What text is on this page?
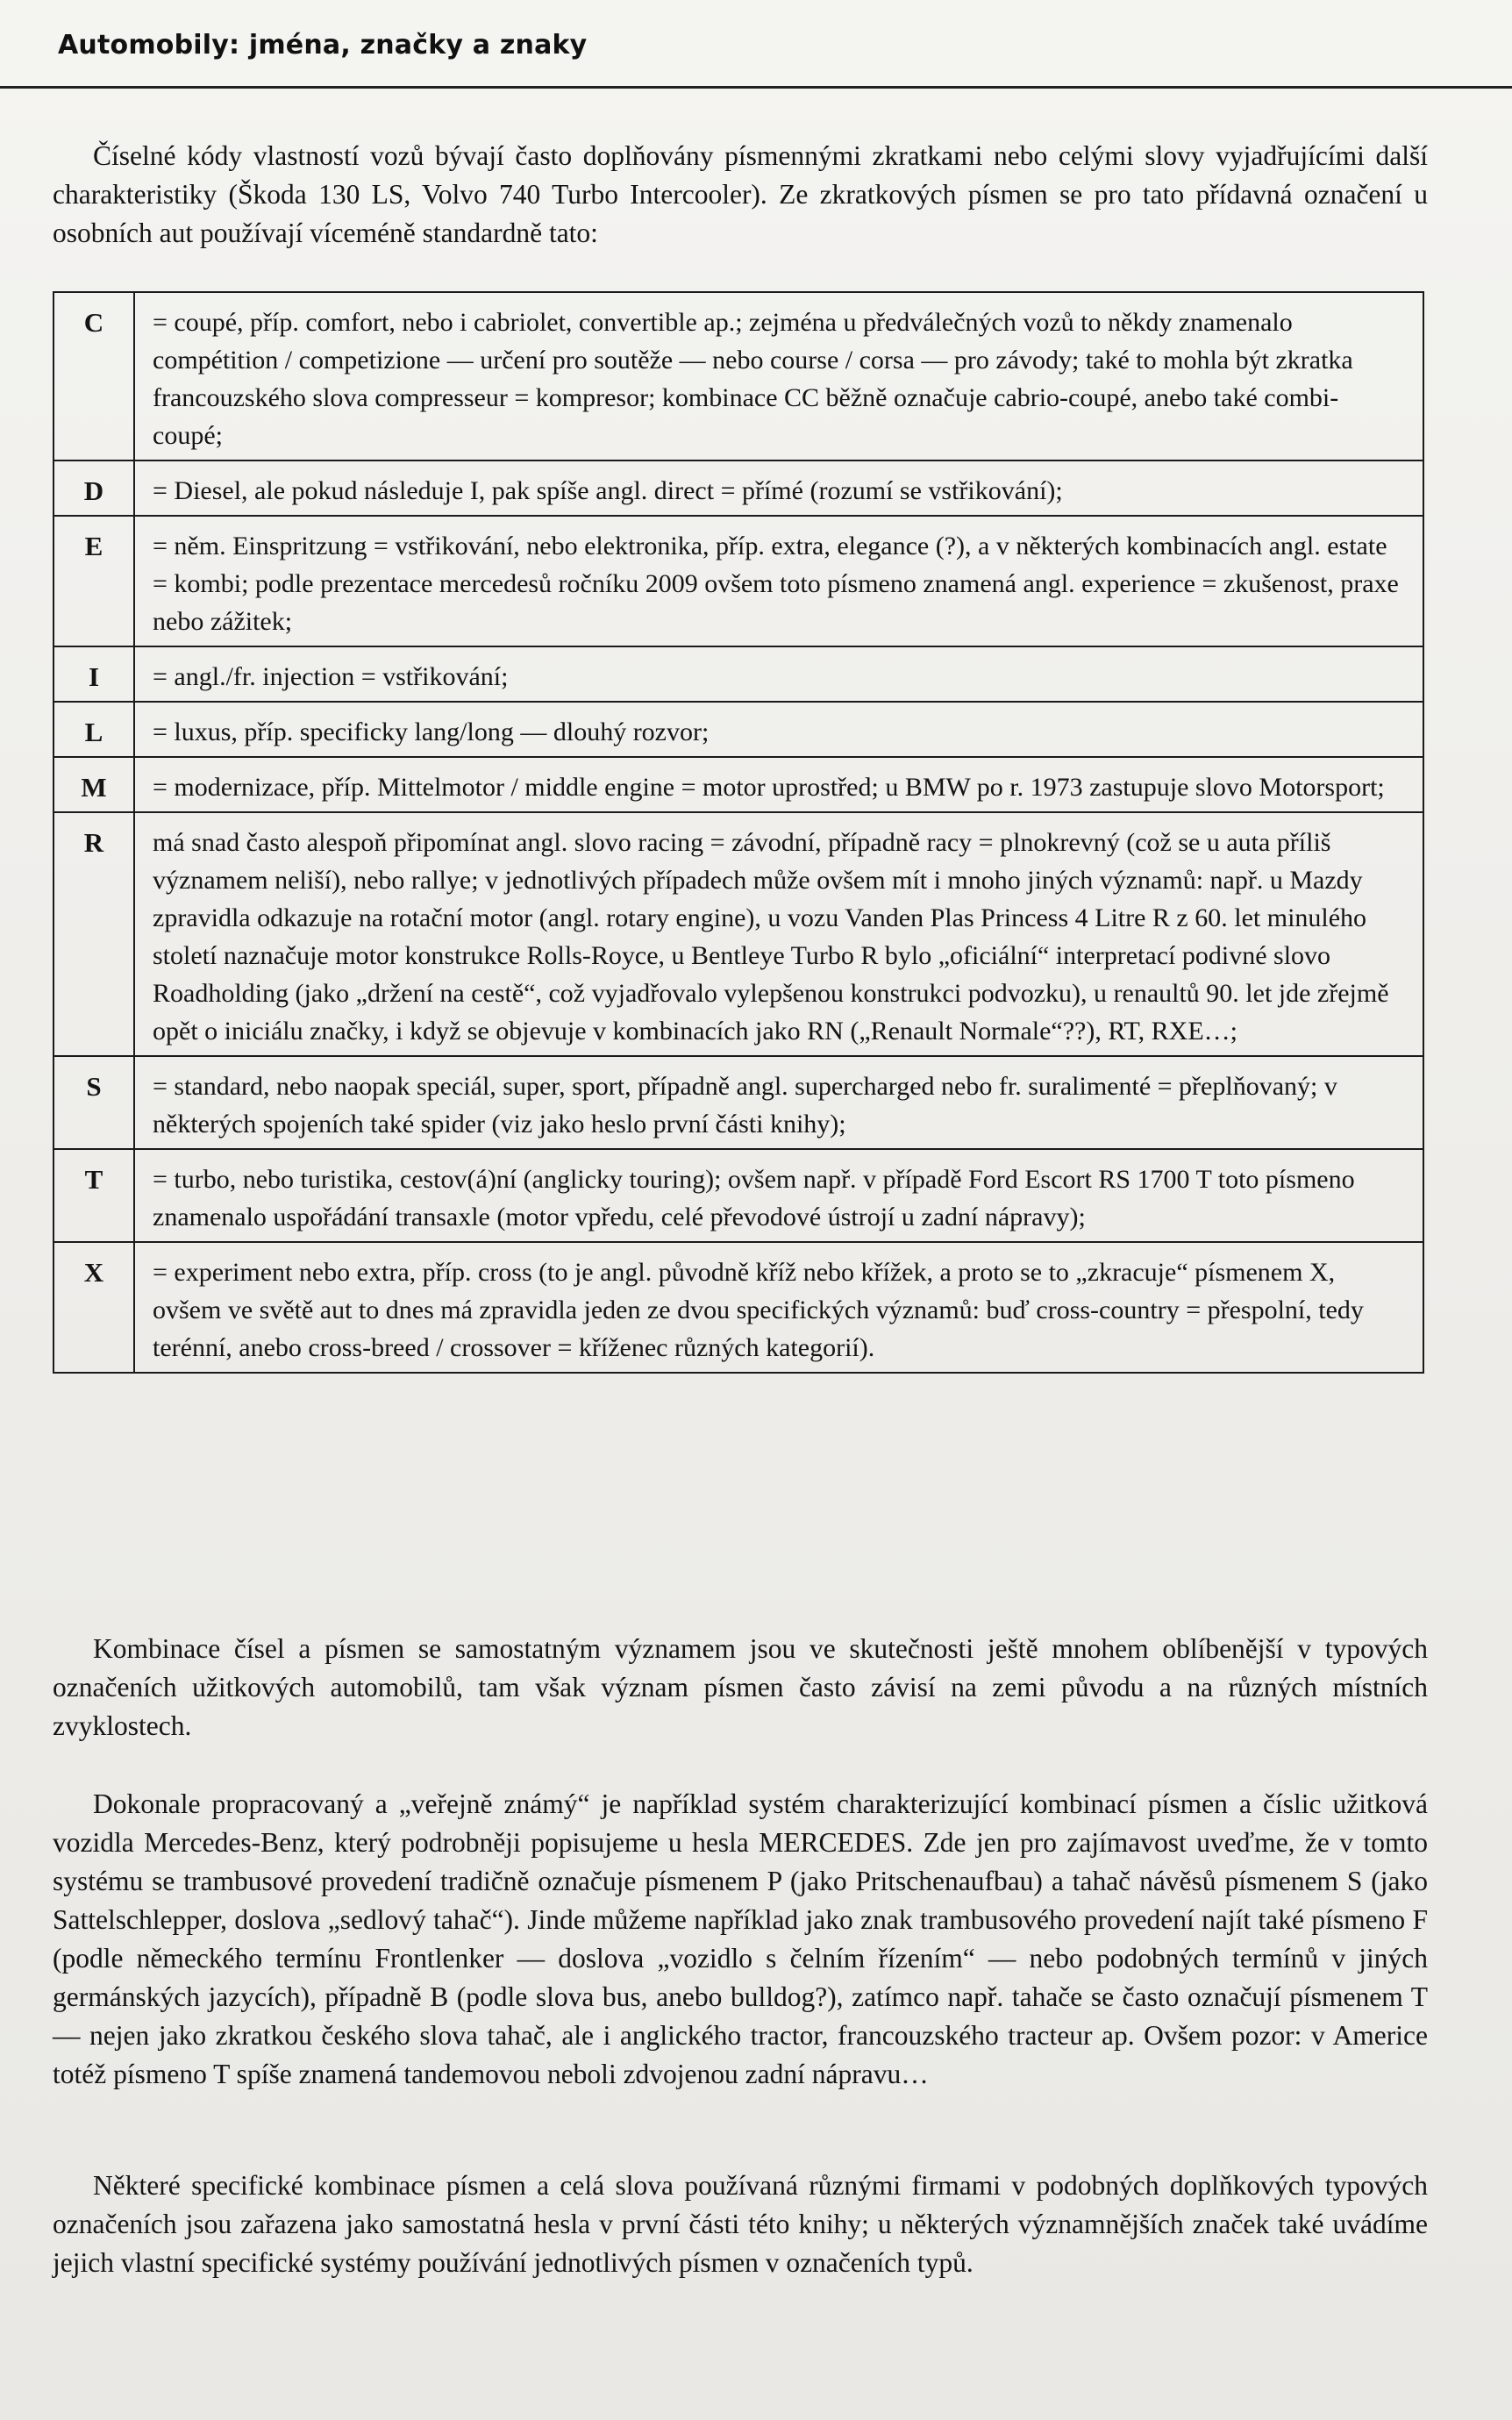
Automobily: jména, značky a znaky

Číselné kódy vlastností vozů bývají často doplňovány písmennými zkratkami nebo celými slovy vyjadřujícími další charakteristiky (Škoda 130 LS, Volvo 740 Turbo Intercooler). Ze zkratkových písmen se pro tato přídavná označení u osobních aut používají víceméně standardně tato:

C	= coupé, příp. comfort, nebo i cabriolet, convertible ap.; zejména u předválečných vozů to někdy znamenalo compétition / competizione — určení pro soutěže — nebo course / corsa — pro závody; také to mohla být zkratka francouzského slova compresseur = kompresor; kombinace CC běžně označuje cabrio-coupé, anebo také combi-coupé;
D	= Diesel, ale pokud následuje I, pak spíše angl. direct = přímé (rozumí se vstřikování);
E	= něm. Einspritzung = vstřikování, nebo elektronika, příp. extra, elegance (?), a v některých kombinacích angl. estate = kombi; podle prezentace mercedesů ročníku 2009 ovšem toto písmeno znamená angl. experience = zkušenost, praxe nebo zážitek;
I	= angl./fr. injection = vstřikování;
L	= luxus, příp. specificky lang/long — dlouhý rozvor;
M	= modernizace, příp. Mittelmotor / middle engine = motor uprostřed; u BMW po r. 1973 zastupuje slovo Motorsport;
R	má snad často alespoň připomínat angl. slovo racing = závodní, případně racy = plnokrevný (což se u auta příliš významem neliší), nebo rallye; v jednotlivých případech může ovšem mít i mnoho jiných významů: např. u Mazdy zpravidla odkazuje na rotační motor (angl. rotary engine), u vozu Vanden Plas Princess 4 Litre R z 60. let minulého století naznačuje motor konstrukce Rolls-Royce, u Bentleye Turbo R bylo „oficiální“ interpretací podivné slovo Roadholding (jako „držení na cestě“, což vyjadřovalo vylepšenou konstrukci podvozku), u renaultů 90. let jde zřejmě opět o iniciálu značky, i když se objevuje v kombinacích jako RN („Renault Normale“??), RT, RXE…;
S	= standard, nebo naopak speciál, super, sport, případně angl. supercharged nebo fr. suralimenté = přeplňovaný; v některých spojeních také spider (viz jako heslo první části knihy);
T	= turbo, nebo turistika, cestov(á)ní (anglicky touring); ovšem např. v případě Ford Escort RS 1700 T toto písmeno znamenalo uspořádání transaxle (motor vpředu, celé převodové ústrojí u zadní nápravy);
X	= experiment nebo extra, příp. cross (to je angl. původně kříž nebo křížek, a proto se to „zkracuje“ písmenem X, ovšem ve světě aut to dnes má zpravidla jeden ze dvou specifických významů: buď cross-country = přespolní, tedy terénní, anebo cross-breed / crossover = kříženec různých kategorií).

Kombinace čísel a písmen se samostatným významem jsou ve skutečnosti ještě mnohem oblíbenější v typových označeních užitkových automobilů, tam však význam písmen často závisí na zemi původu a na různých místních zvyklostech.

Dokonale propracovaný a „veřejně známý“ je například systém charakterizující kombinací písmen a číslic užitková vozidla Mercedes-Benz, který podrobněji popisujeme u hesla MERCEDES. Zde jen pro zajímavost uveďme, že v tomto systému se trambusové provedení tradičně označuje písmenem P (jako Pritschenaufbau) a tahač návěsů písmenem S (jako Sattelschlepper, doslova „sedlový tahač“). Jinde můžeme například jako znak trambusového provedení najít také písmeno F (podle německého termínu Frontlenker — doslova „vozidlo s čelním řízením“ — nebo podobných termínů v jiných germánských jazycích), případně B (podle slova bus, anebo bulldog?), zatímco např. tahače se často označují písmenem T — nejen jako zkratkou českého slova tahač, ale i anglického tractor, francouzského tracteur ap. Ovšem pozor: v Americe totéž písmeno T spíše znamená tandemovou neboli zdvojenou zadní nápravu…

Některé specifické kombinace písmen a celá slova používaná různými firmami v podobných doplňkových typových označeních jsou zařazena jako samostatná hesla v první části této knihy; u některých významnějších značek také uvádíme jejich vlastní specifické systémy používání jednotlivých písmen v označeních typů.
